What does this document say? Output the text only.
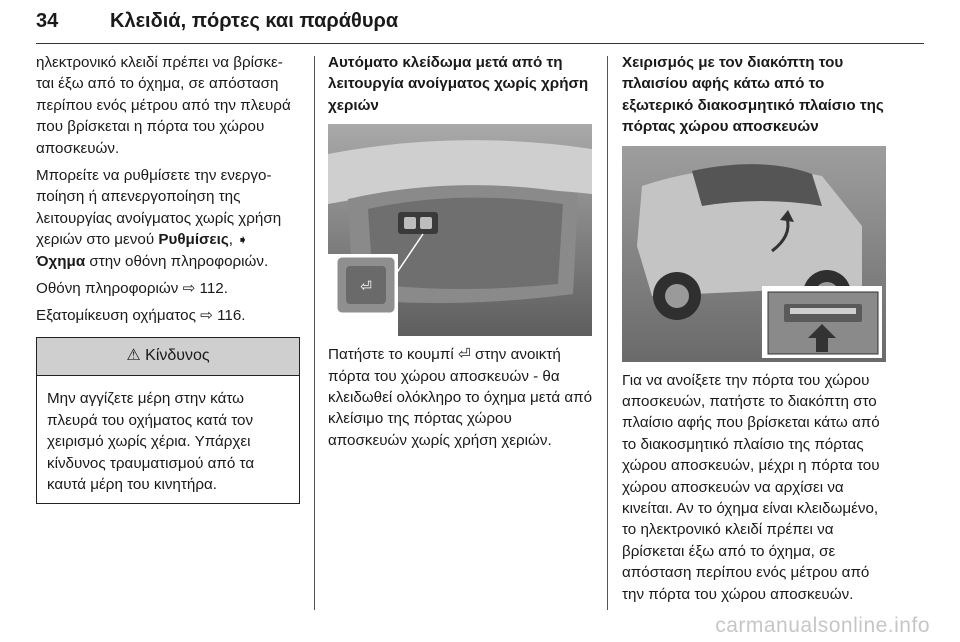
34	Κλειδιά, πόρτες και παράθυρα

ηλεκτρονικό κλειδί πρέπει να βρίσκε- ται έξω από το όχημα, σε απόσταση περίπου ενός μέτρου από την πλευρά που βρίσκεται η πόρτα του χώρου αποσκευών.

Μπορείτε να ρυθμίσετε την ενεργο- ποίηση ή απενεργοποίηση της λειτουργίας ανοίγματος χωρίς χρήση χεριών στο μενού Ρυθμίσεις, ➧
Όχημα στην οθόνη πληροφοριών.

Οθόνη πληροφοριών ⇨ 112.

Εξατομίκευση οχήματος ⇨ 116.

⚠ Κίνδυνος
Μην αγγίζετε μέρη στην κάτω πλευρά του οχήματος κατά τον χειρισμό χωρίς χέρια. Υπάρχει κίνδυνος τραυματισμού από τα καυτά μέρη του κινητήρα.
Αυτόματο κλείδωμα μετά από τη λειτουργία ανοίγματος χωρίς χρήση χεριών
⏎

Πατήστε το κουμπί ⏎ στην ανοικτή πόρτα του χώρου αποσκευών - θα κλειδωθεί ολόκληρο το όχημα μετά από κλείσιμο της πόρτας χώρου αποσκευών χωρίς χρήση χεριών.

Χειρισμός με τον διακόπτη του πλαισίου αφής κάτω από το εξωτερικό διακοσμητικό πλαίσιο της πόρτας χώρου αποσκευών

Για να ανοίξετε την πόρτα του χώρου αποσκευών, πατήστε το διακόπτη στο πλαίσιο αφής που βρίσκεται κάτω από το διακοσμητικό πλαίσιο της πόρτας χώρου αποσκευών, μέχρι η πόρτα του χώρου αποσκευών να αρχίσει να κινείται. Αν το όχημα είναι κλειδωμένο, το ηλεκτρονικό κλειδί πρέπει να βρίσκεται έξω από το όχημα, σε απόσταση περίπου ενός μέτρου από την πόρτα του χώρου αποσκευών.

carmanualsonline.info
